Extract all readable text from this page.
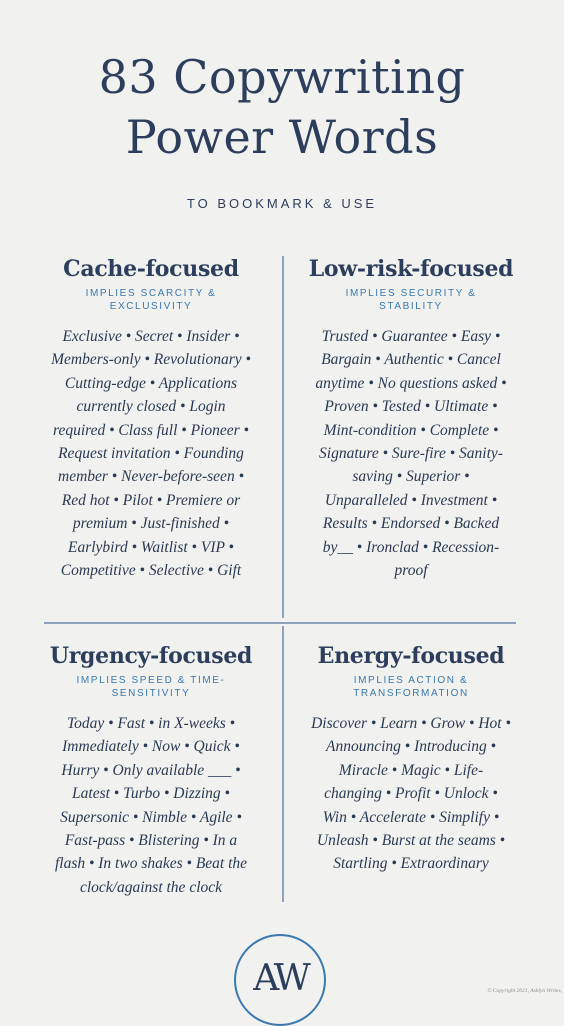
83 Copywriting
Power Words
TO BOOKMARK & USE
Cache-focused
IMPLIES SCARCITY & EXCLUSIVITY

Exclusive • Secret • Insider • Members-only • Revolutionary • Cutting-edge • Applications currently closed • Login required • Class full • Pioneer • Request invitation • Founding member • Never-before-seen • Red hot • Pilot • Premiere or premium • Just-finished • Earlybird • Waitlist • VIP • Competitive • Selective • Gift

Low-risk-focused
IMPLIES SECURITY & STABILITY

Trusted • Guarantee • Easy • Bargain • Authentic • Cancel anytime • No questions asked • Proven • Tested • Ultimate • Mint-condition • Complete • Signature • Sure-fire • Sanity-saving • Superior • Unparalleled • Investment • Results • Endorsed • Backed by__ • Ironclad • Recession-proof

Urgency-focused
IMPLIES SPEED & TIME-SENSITIVITY

Today • Fast • in X-weeks • Immediately • Now • Quick • Hurry • Only available ___ • Latest • Turbo • Dizzing • Supersonic • Nimble • Agile • Fast-pass • Blistering • In a flash • In two shakes • Beat the clock/against the clock

Energy-focused
IMPLIES ACTION & TRANSFORMATION

Discover • Learn • Grow • Hot • Announcing • Introducing • Miracle • Magic • Life-changing • Profit • Unlock • Win • Accelerate • Simplify • Unleash • Burst at the seams • Startling • Extraordinary

AW	© Copyright 2021, Ashlyn Writes,
